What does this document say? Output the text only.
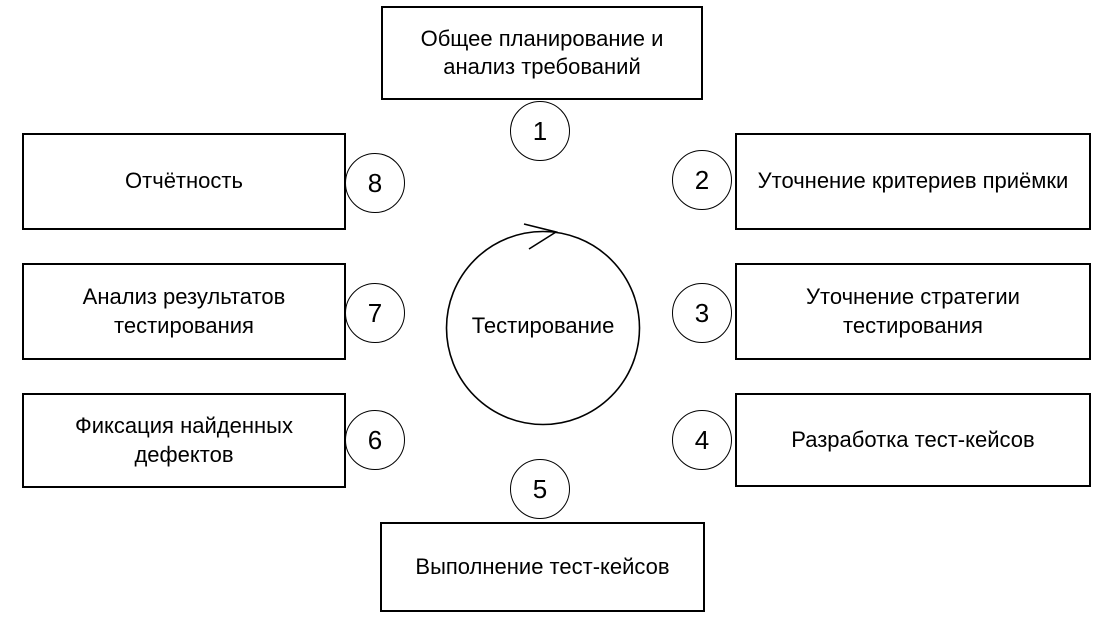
Тестирование
Общее планирование и анализ требований
Уточнение критериев приёмки
Уточнение стратегии тестирования
Разработка тест-кейсов
Выполнение тест-кейсов
Фиксация найденных дефектов
Анализ результатов тестирования
Отчётность
1
2
3
4
5
6
7
8
